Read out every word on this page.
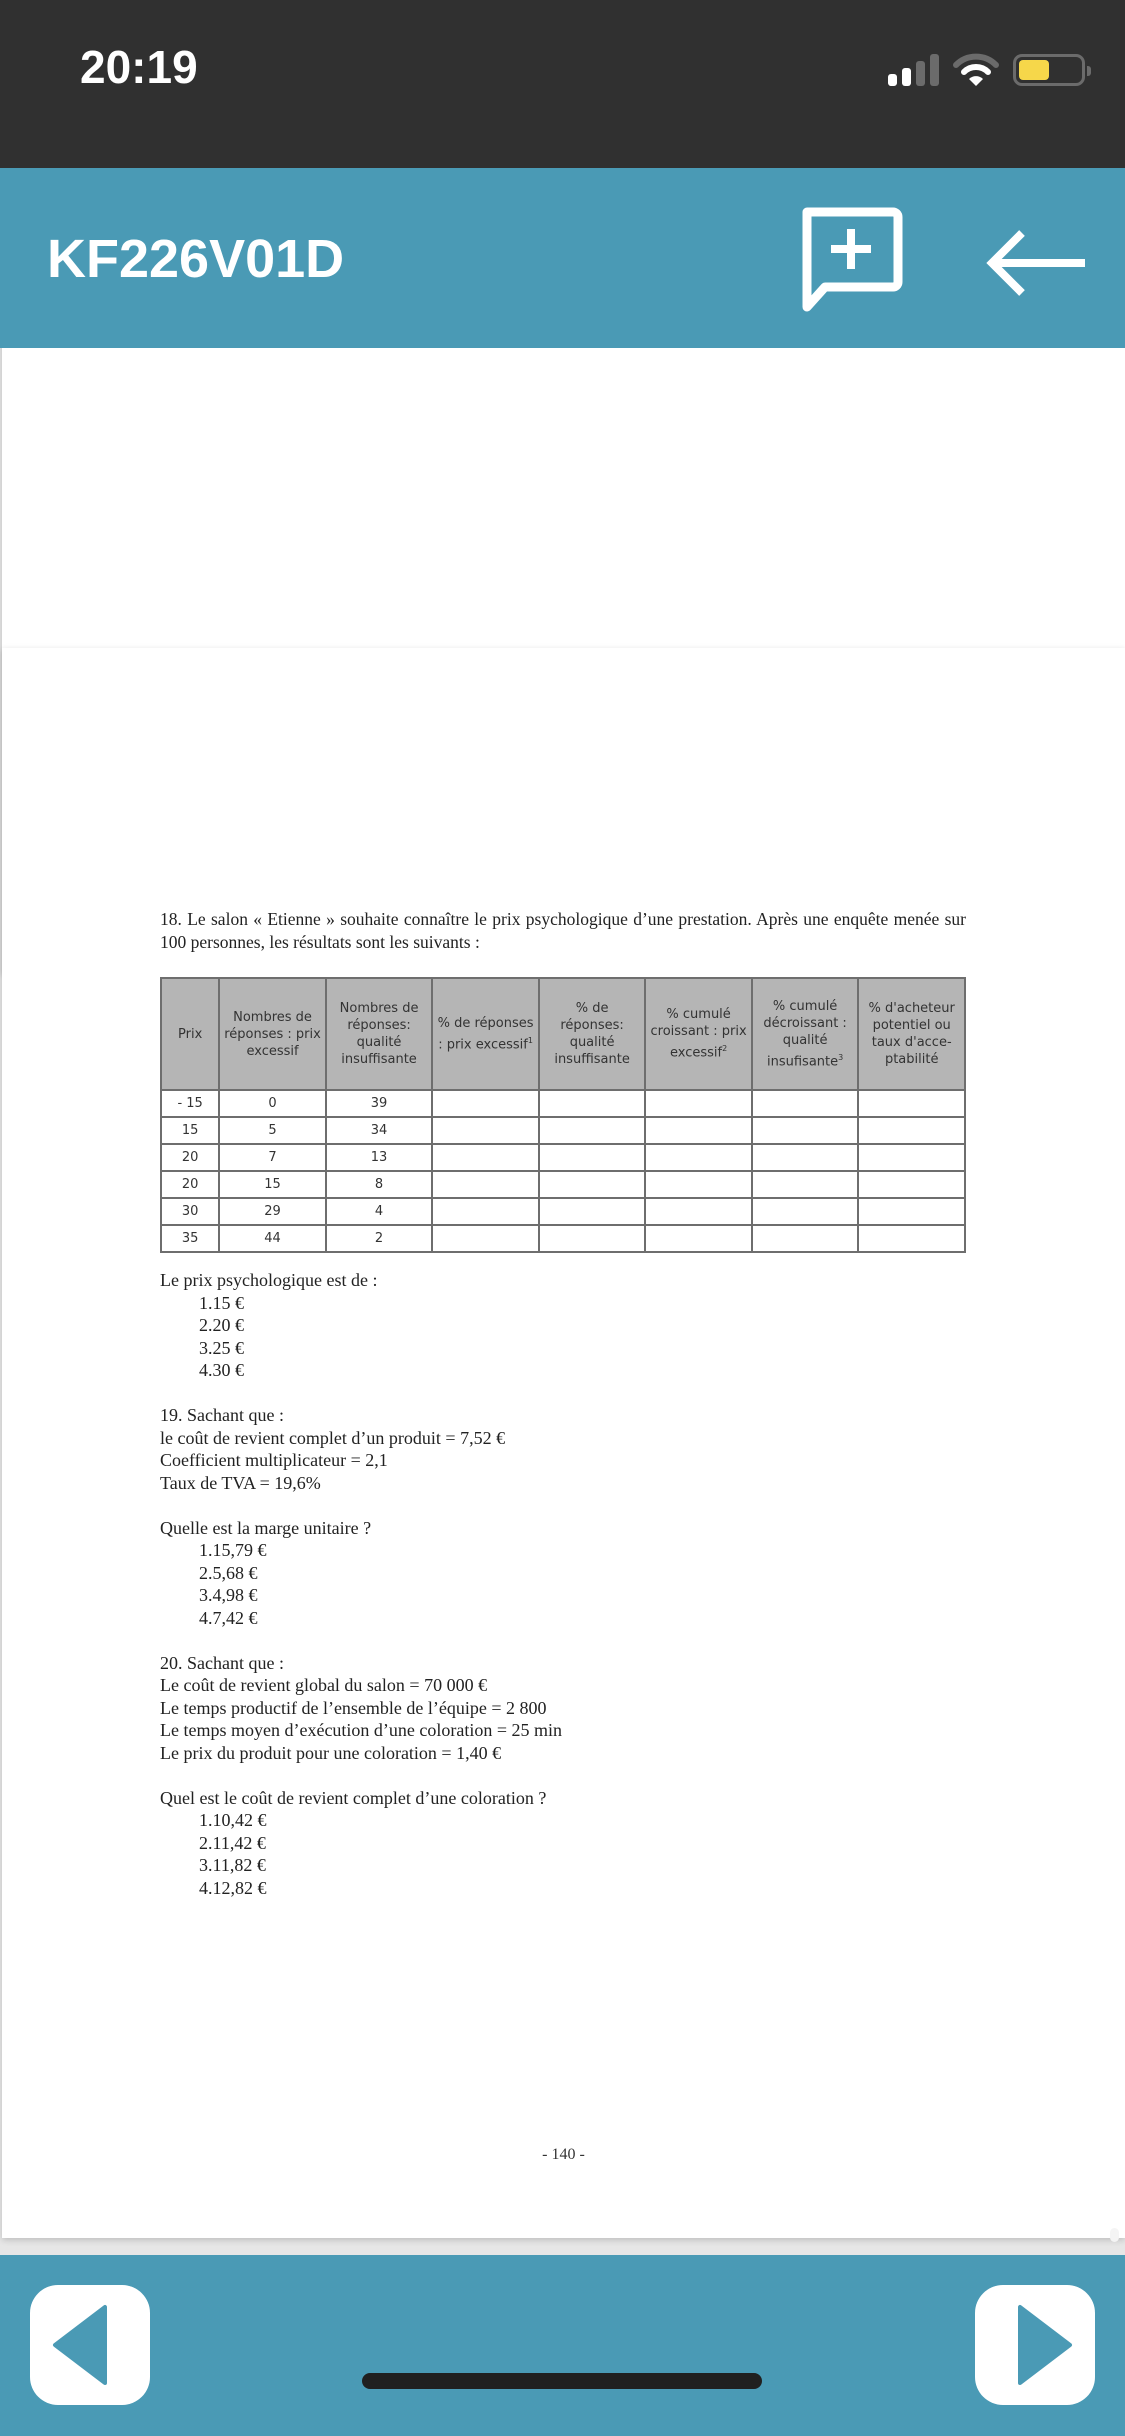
20:19
KF226V01D

18. Le salon « Etienne » souhaite connaître le prix psychologique d’une prestation. Après une enquête menée sur 100 personnes, les résultats sont les suivants :

Prix	Nombres de réponses : prix excessif	Nombres de réponses: qualité insuffisante	% de réponses : prix excessif$^1$	% de réponses: qualité insuffisante	% cumulé croissant : prix excessif$^2$	% cumulé décroissant : qualité insufisante$^3$	% d'acheteur potentiel ou taux d'acce-ptabilité
- 15	0	39					
15	5	34					
20	7	13					
20	15	8					
30	29	4					
35	44	2					

Le prix psychologique est de :

1.15 €

2.20 €

3.25 €

4.30 €

19. Sachant que :

le coût de revient complet d’un produit = 7,52 €

Coefficient multiplicateur = 2,1

Taux de TVA = 19,6%

Quelle est la marge unitaire ?

1.15,79 €

2.5,68 €

3.4,98 €

4.7,42 €

20. Sachant que :

Le coût de revient global du salon = 70 000 €

Le temps productif de l’ensemble de l’équipe = 2 800

Le temps moyen d’exécution d’une coloration = 25 min

Le prix du produit pour une coloration = 1,40 €

Quel est le coût de revient complet d’une coloration ?

1.10,42 €

2.11,42 €

3.11,82 €

4.12,82 €

- 140 -
